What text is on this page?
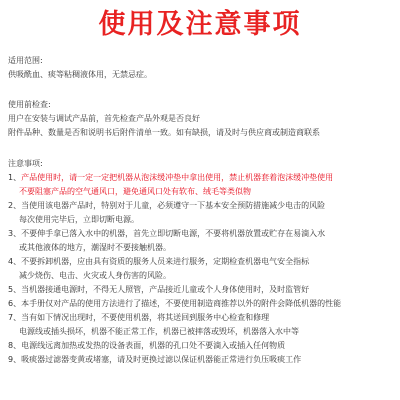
使用及注意事项
适用范围:
供吸酰血、痰等粘稠液体用，无禁忌症。
使用前检查:
用户在安装与调试产品前，首先检查产品外观是否良好
附件品种、数量是否和说明书后附件清单一致。如有缺损，请及时与供应商或制造商联系
注意事项:
1、产品使用时，请一定一定把机器从泡沫缓冲垫中拿出使用，禁止机器套着泡沫缓冲垫使用
不要阻塞产品的空气通风口，避免通风口处有软布、绒毛等类似物
2、当使用该电器产品时，特别对于儿童，必须遵守一下基本安全预防措施减少电击的风险
每次使用完毕后，立即切断电源。
3、不要伸手拿已落入水中的机器，首先立即切断电源，不要将机器放置或贮存在易滴入水
或其他液体的地方，潮湿时不要接触机器。
4、不要拆卸机器，应由具有资质的服务人员来进行服务，定期检查机器电气安全指标
减少烧伤、电击、火灾或人身伤害的风险。
5、当机器接通电源时，不得无人照管，产品接近儿童或个人身体使用时，及时监管好
6、本手册仅对产品的使用方法进行了描述，不要使用制造商推荐以外的附件会降低机器的性能
7、当有如下情况出现时，不要使用机器，将其送回到服务中心检查和修理
电源线或插头损坏，机器不能正常工作，机器已被摔落或毁坏，机器落入水中等
8、电源线远离加热或发热的设备表面，机器的孔口处不要滴入或插入任何物质
9、吸痰器过滤器变黄或堵塞，请及时更换过滤以保证机器能正常进行负压吸痰工作
